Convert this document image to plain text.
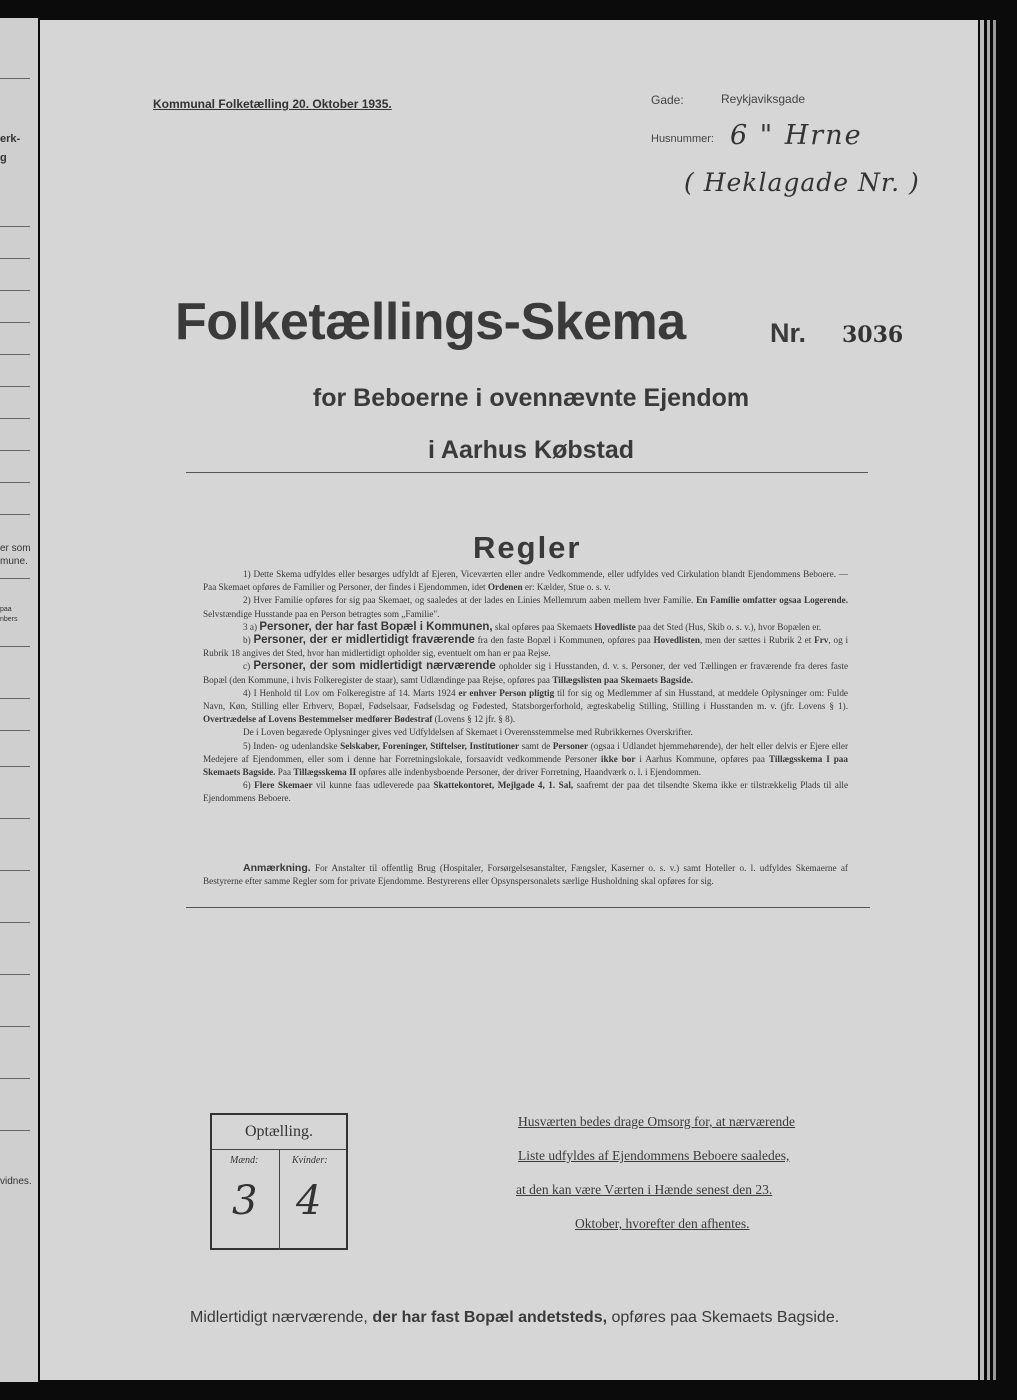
erk-
g
er som
mune.
paa
nbers
vidnes.
Kommunal Folketælling 20. Oktober 1935.	Gade:	Reykjaviksgade
Husnummer: 6 " Hrne
( Heklagade Nr. )
Folketællings-Skema	Nr. 3036
for Beboerne i ovennævnte Ejendom
i Aarhus Købstad
Regler

1) Dette Skema udfyldes eller besørges udfyldt af Ejeren, Viceværten eller andre Vedkommende, eller udfyldes ved Cirkulation blandt Ejendommens Beboere. — Paa Skemaet opføres de Familier og Personer, der findes i Ejendommen, idet Ordenen er: Kælder, Stue o. s. v.

2) Hver Familie opføres for sig paa Skemaet, og saaledes at der lades en Linies Mellemrum aaben mellem hver Familie. En Familie omfatter ogsaa Logerende. Selvstændige Husstande paa en Person betragtes som „Familie".

3 a) Personer, der har fast Bopæl i Kommunen, skal opføres paa Skemaets Hovedliste paa det Sted (Hus, Skib o. s. v.), hvor Bopælen er.

b) Personer, der er midlertidigt fraværende fra den faste Bopæl i Kommunen, opføres paa Hovedlisten, men der sættes i Rubrik 2 et Frv, og i Rubrik 18 angives det Sted, hvor han midlertidigt opholder sig, eventuelt om han er paa Rejse.

c) Personer, der som midlertidigt nærværende opholder sig i Husstanden, d. v. s. Personer, der ved Tællingen er fraværende fra deres faste Bopæl (den Kommune, i hvis Folkeregister de staar), samt Udlændinge paa Rejse, opføres paa Tillægslisten paa Skemaets Bagside.

4) I Henhold til Lov om Folkeregistre af 14. Marts 1924 er enhver Person pligtig til for sig og Medlemmer af sin Husstand, at meddele Oplysninger om: Fulde Navn, Køn, Stilling eller Erhverv, Bopæl, Fødselsaar, Fødselsdag og Fødested, Statsborgerforhold, ægteskabelig Stilling, Stilling i Husstanden m. v. (jfr. Lovens § 1). Overtrædelse af Lovens Bestemmelser medfører Bødestraf (Lovens § 12 jfr. § 8).

De i Loven begærede Oplysninger gives ved Udfyldelsen af Skemaet i Overensstemmelse med Rubrikkernes Overskrifter.

5) Inden- og udenlandske Selskaber, Foreninger, Stiftelser, Institutioner samt de Personer (ogsaa i Udlandet hjemmehørende), der helt eller delvis er Ejere eller Medejere af Ejendommen, eller som i denne har Forretningslokale, forsaavidt vedkommende Personer ikke bor i Aarhus Kommune, opføres paa Tillægsskema I paa Skemaets Bagside. Paa Tillægsskema II opføres alle indenbysboende Personer, der driver Forretning, Haandværk o. l. i Ejendommen.

6) Flere Skemaer vil kunne faas udleverede paa Skattekontoret, Mejlgade 4, 1. Sal, saafremt der paa det tilsendte Skema ikke er tilstrækkelig Plads til alle Ejendommens Beboere.

Anmærkning. For Anstalter til offentlig Brug (Hospitaler, Forsørgelsesanstalter, Fængsler, Kaserner o. s. v.) samt Hoteller o. l. udfyldes Skemaerne af Bestyrerne efter samme Regler som for private Ejendomme. Bestyrerens eller Opsynspersonalets særlige Husholdning skal opføres for sig.
Optælling.
Mænd:	Kvinder:
3 4
Husværten bedes drage Omsorg for, at nærværende
Liste udfyldes af Ejendommens Beboere saaledes,
at den kan være Værten i Hænde senest den 23.
Oktober, hvorefter den afhentes.
Midlertidigt nærværende, der har fast Bopæl andetsteds, opføres paa Skemaets Bagside.
